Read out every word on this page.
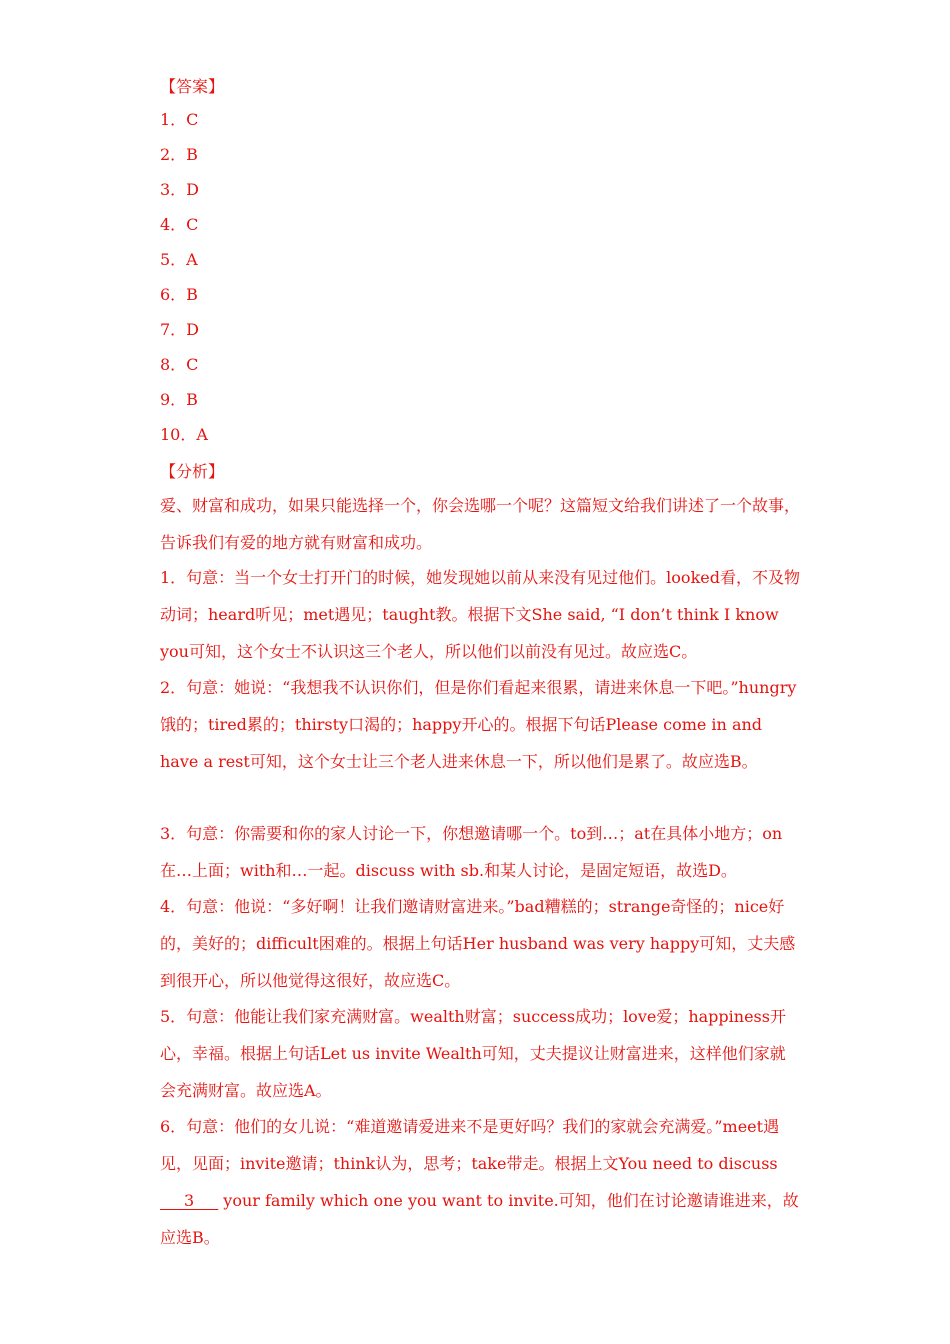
【答案】
1．C
2．B
3．D
4．C
5．A
6．B
7．D
8．C
9．B
10．A
【分析】

爱、财富和成功，如果只能选择一个，你会选哪一个呢？这篇短文给我们讲述了一个故事，告诉我们有爱的地方就有财富和成功。

1．句意：当一个女士打开门的时候，她发现她以前从来没有见过他们。looked看，不及物动词；heard听见；met遇见；taught教。根据下文She said, “I don’t think I know you可知，这个女士不认识这三个老人，所以他们以前没有见过。故应选C。

2．句意：她说：“我想我不认识你们，但是你们看起来很累，请进来休息一下吧。”hungry饿的；tired累的；thirsty口渴的；happy开心的。根据下句话Please come in and have a rest可知，这个女士让三个老人进来休息一下，所以他们是累了。故应选B。

3．句意：你需要和你的家人讨论一下，你想邀请哪一个。to到…；at在具体小地方；on在…上面；with和…一起。discuss with sb.和某人讨论，是固定短语，故选D。

4．句意：他说：“多好啊！让我们邀请财富进来。”bad糟糕的；strange奇怪的；nice好的，美好的；difficult困难的。根据上句话Her husband was very happy可知，丈夫感到很开心，所以他觉得这很好，故应选C。

5．句意：他能让我们家充满财富。wealth财富；success成功；love爱；happiness开心，幸福。根据上句话Let us invite Wealth可知，丈夫提议让财富进来，这样他们家就会充满财富。故应选A。

6．句意：他们的女儿说：“难道邀请爱进来不是更好吗？我们的家就会充满爱。”meet遇见，见面；invite邀请；think认为，思考；take带走。根据上文You need to discuss ___3___ your family which one you want to invite.可知，他们在讨论邀请谁进来，故应选B。
